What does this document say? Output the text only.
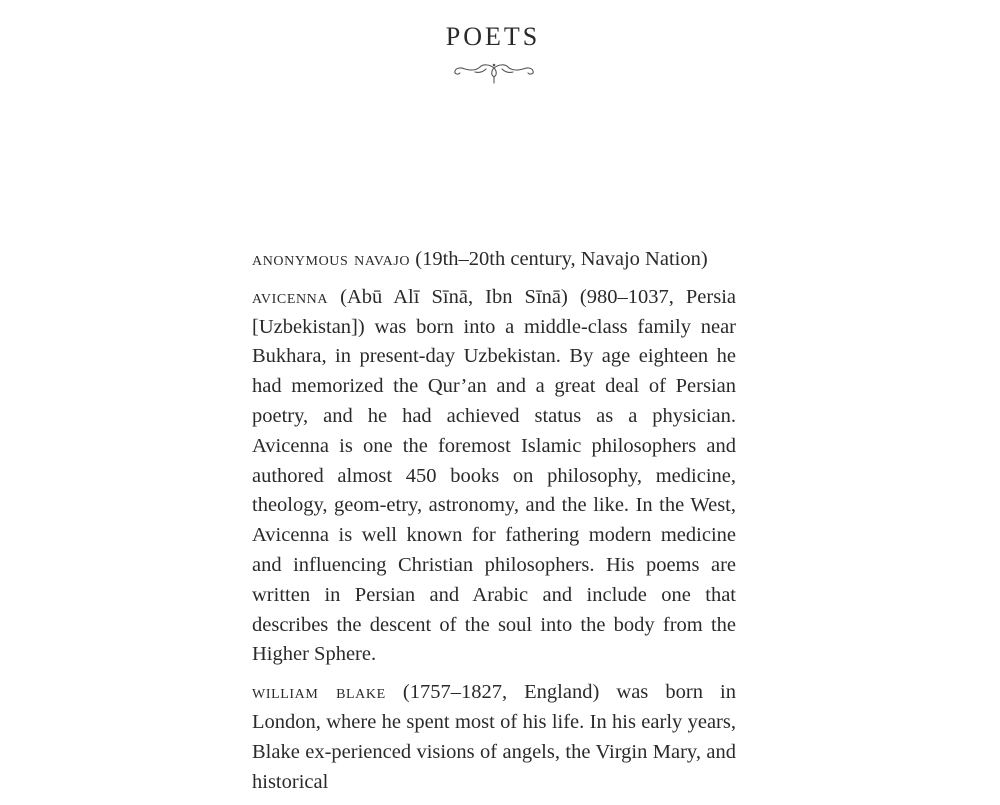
POETS

anonymous navajo (19th–20th century, Navajo Nation)

avicenna (Abū Alī Sīnā, Ibn Sīnā) (980–1037, Persia [Uzbekistan]) was born into a middle-class family near Bukhara, in present-day Uzbekistan. By age eighteen he had memorized the Qur’an and a great deal of Persian poetry, and he had achieved status as a physician. Avicenna is one the foremost Islamic philosophers and authored almost 450 books on philosophy, medicine, theology, geom-etry, astronomy, and the like. In the West, Avicenna is well known for fathering modern medicine and influencing Christian philosophers. His poems are written in Persian and Arabic and include one that describes the descent of the soul into the body from the Higher Sphere.

william blake (1757–1827, England) was born in London, where he spent most of his life. In his early years, Blake ex-perienced visions of angels, the Virgin Mary, and historical
